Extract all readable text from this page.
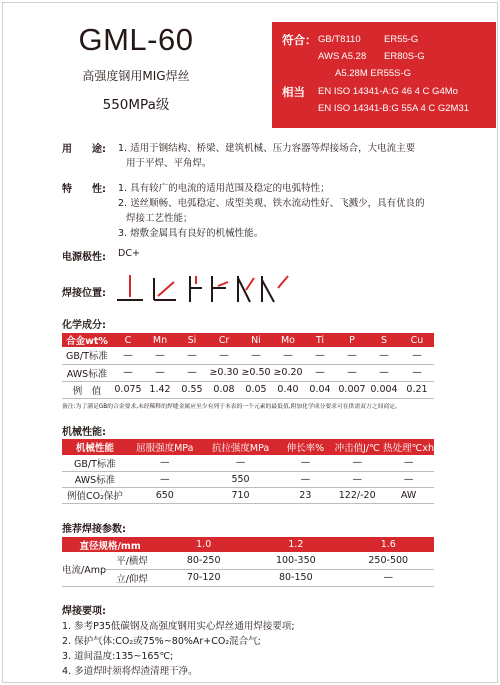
GML-60
高强度钢用MIG焊丝
550MPa级
符合： GB/T8110 ER55-G
AWS A5.28 ER80S-G
A5.28M ER55S-G
相当 EN ISO 14341-A:G 46 4 C G4Mo
EN ISO 14341-B:G 55A 4 C G2M31
用　　途: 1. 适用于钢结构、桥梁、建筑机械、压力容器等焊接场合，大电流主要
用于平焊、平角焊。
特　　性: 1. 具有较广的电流的适用范围及稳定的电弧特性；
2. 送丝顺畅、电弧稳定、成型美观、铁水流动性好、飞溅少，具有优良的
焊接工艺性能；
3. 熔敷金属具有良好的机械性能。
电源极性: DC+
焊接位置:
化学成分:
合金wt%	C	Mn	Si	Cr	Ni	Mo	Ti	P	S	Cu
GB/T标准	—	—	—	—	—	—	—	—	—	—
AWS标准	—	—	—	≥0.30	≥0.50	≥0.20	—	—	—	—
例　值	0.075	1.42	0.55	0.08	0.05	0.40	0.04	0.007	0.004	0.21
备注:为了满足GB的合金要求,未经稀释的焊缝金属应至少有列于本表的一个元素的最低值,附加化学成分要求可在供需双方之间商定。
机械性能:
机械性能	屈服强度MPa	抗拉强度MPa	伸长率%	冲击值J/℃	热处理℃xh
GB/T标准	—	—	—	—	—
AWS标准	—	550	—	—	—
例值CO₂保护	650	710	23	122/-20	AW
推荐焊接参数:
直径规格/mm		1.0	1.2	1.6
电流/Amp	平/横焊	80-250	100-350	250-500
	立/仰焊	70-120	80-150	—
焊接要项:
1. 参考P35低碳钢及高强度钢用实心焊丝通用焊接要项;
2. 保护气体:CO₂或75%~80%Ar+CO₂混合气;
3. 道间温度:135~165℃;
4. 多道焊时须将焊渣清理干净。
